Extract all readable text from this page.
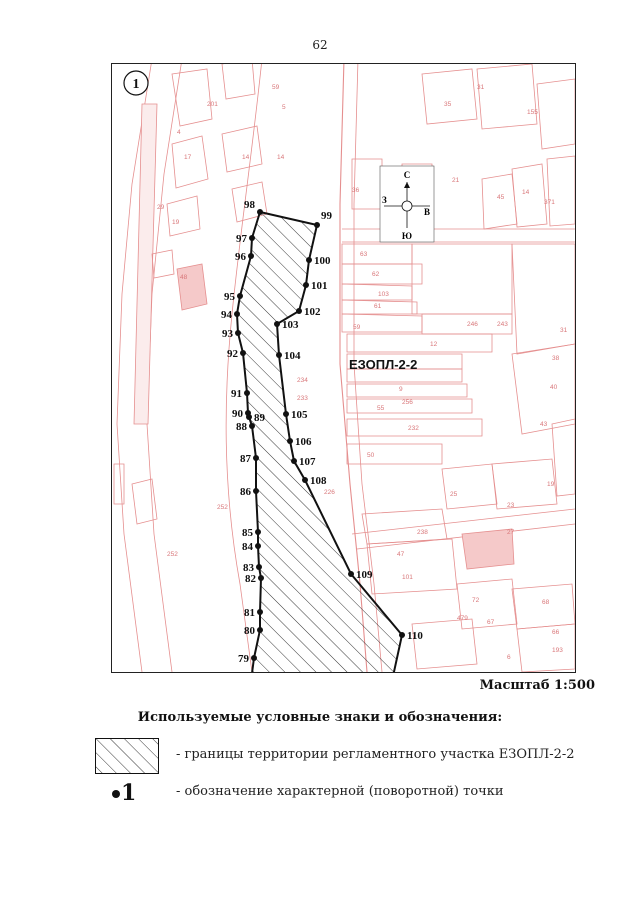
62
35
31
155
59
5
201
17
4
14
19
14
29
36
21
45
14
371
63
62
103
61
59	246	243
12
31
38
40
43
234
233
9
256
55
232
50
19
25
23
27
252
238
47
101
72
479
67
68
66
193
6
48
252
226
98
99
100
101
102
103
104
105
106
107
108
109
110
97
96
95
94
93
92
91
90 89
88
87
86
85
84
83
82
81
80
79
ЕЗОПЛ-2-2
1
С
Ю
З
В
Масштаб 1:500
Используемые условные знаки и обозначения:
- границы территории регламентного участка ЕЗОПЛ-2-2
1	- обозначение характерной (поворотной) точки
